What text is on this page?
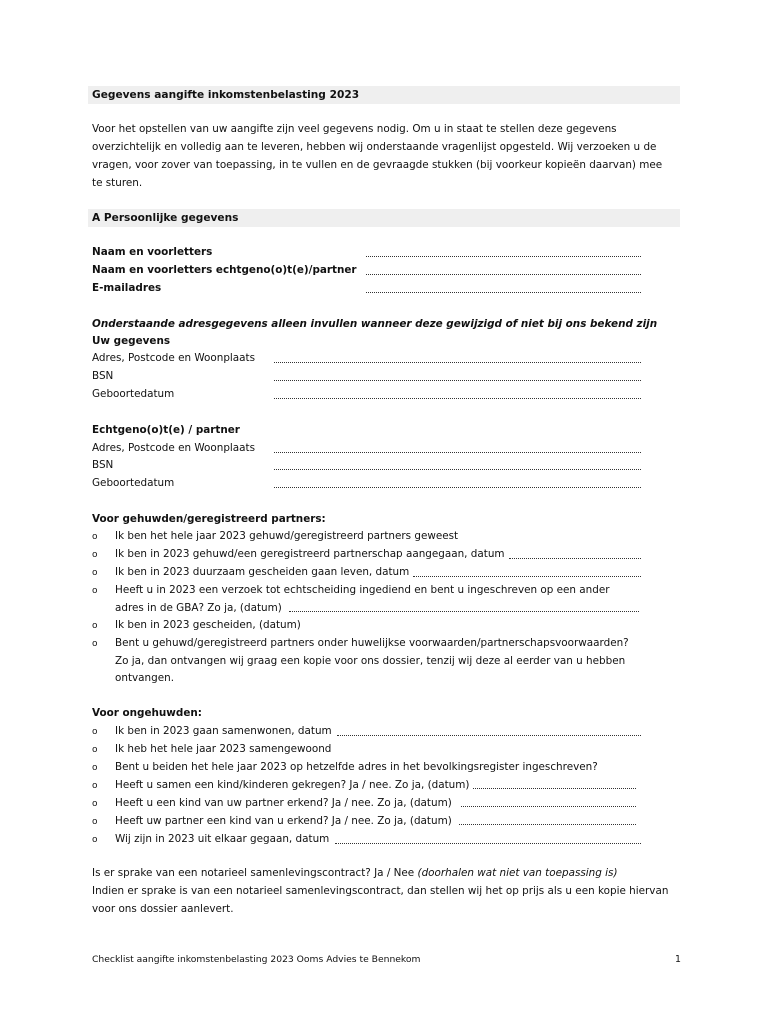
Gegevens aangifte inkomstenbelasting 2023
Voor het opstellen van uw aangifte zijn veel gegevens nodig. Om u in staat te stellen deze gegevens
overzichtelijk en volledig aan te leveren, hebben wij onderstaande vragenlijst opgesteld. Wij verzoeken u de
vragen, voor zover van toepassing, in te vullen en de gevraagde stukken (bij voorkeur kopieën daarvan) mee
te sturen.
A Persoonlijke gegevens
Naam en voorletters
Naam en voorletters echtgeno(o)t(e)/partner
E-mailadres
Onderstaande adresgegevens alleen invullen wanneer deze gewijzigd of niet bij ons bekend zijn
Uw gegevens
Adres, Postcode en Woonplaats
BSN
Geboortedatum
Echtgeno(o)t(e) / partner
Adres, Postcode en Woonplaats
BSN
Geboortedatum
Voor gehuwden/geregistreerd partners:
o Ik ben het hele jaar 2023 gehuwd/geregistreerd partners geweest
o Ik ben in 2023 gehuwd/een geregistreerd partnerschap aangegaan, datum
o Ik ben in 2023 duurzaam gescheiden gaan leven, datum
o Heeft u in 2023 een verzoek tot echtscheiding ingediend en bent u ingeschreven op een ander
adres in de GBA? Zo ja, (datum)
o Ik ben in 2023 gescheiden, (datum)
o Bent u gehuwd/geregistreerd partners onder huwelijkse voorwaarden/partnerschapsvoorwaarden?
Zo ja, dan ontvangen wij graag een kopie voor ons dossier, tenzij wij deze al eerder van u hebben
ontvangen.
Voor ongehuwden:
o Ik ben in 2023 gaan samenwonen, datum
o Ik heb het hele jaar 2023 samengewoond
o Bent u beiden het hele jaar 2023 op hetzelfde adres in het bevolkingsregister ingeschreven?
o Heeft u samen een kind/kinderen gekregen? Ja / nee. Zo ja, (datum)
o Heeft u een kind van uw partner erkend? Ja / nee. Zo ja, (datum)
o Heeft uw partner een kind van u erkend? Ja / nee. Zo ja, (datum)
o Wij zijn in 2023 uit elkaar gegaan, datum
Is er sprake van een notarieel samenlevingscontract? Ja / Nee (doorhalen wat niet van toepassing is)
Indien er sprake is van een notarieel samenlevingscontract, dan stellen wij het op prijs als u een kopie hiervan
voor ons dossier aanlevert.
Checklist aangifte inkomstenbelasting 2023 Ooms Advies te Bennekom	1
